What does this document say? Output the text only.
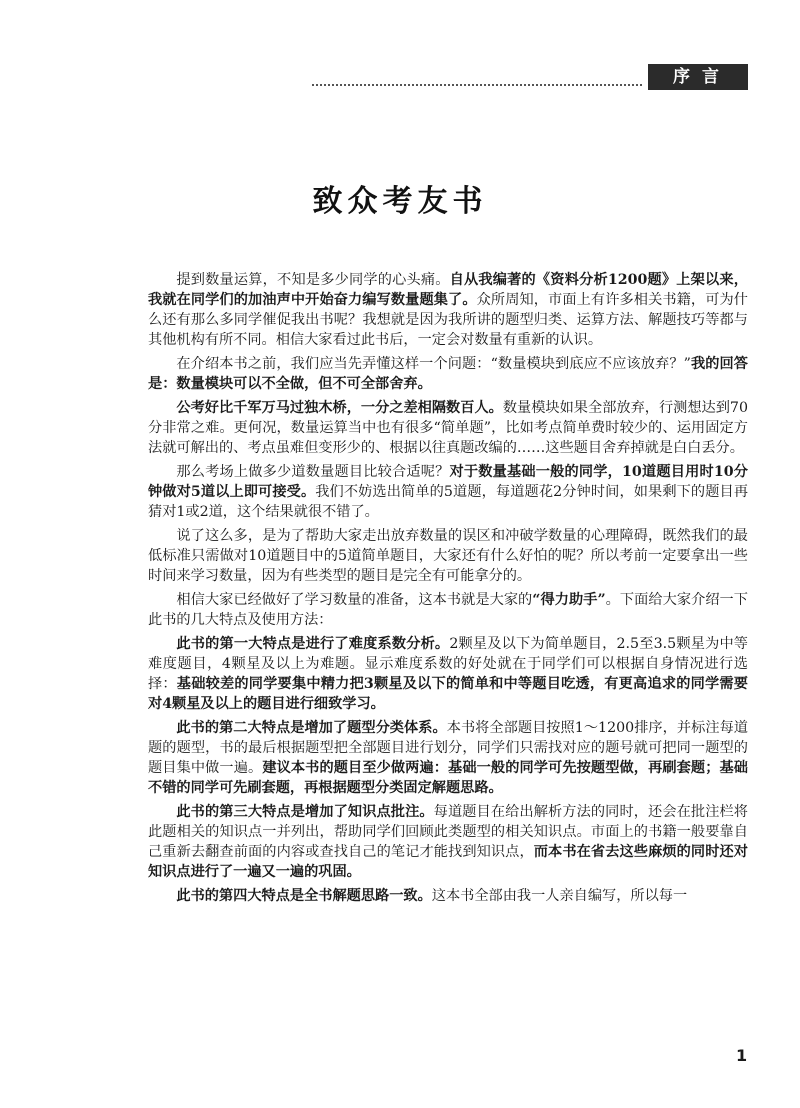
序言
致众考友书

提到数量运算，不知是多少同学的心头痛。自从我编著的《资料分析1200题》上架以来，我就在同学们的加油声中开始奋力编写数量题集了。众所周知，市面上有许多相关书籍，可为什么还有那么多同学催促我出书呢？我想就是因为我所讲的题型归类、运算方法、解题技巧等都与其他机构有所不同。相信大家看过此书后，一定会对数量有重新的认识。

在介绍本书之前，我们应当先弄懂这样一个问题：“数量模块到底应不应该放弃？”我的回答是：数量模块可以不全做，但不可全部舍弃。

公考好比千军万马过独木桥，一分之差相隔数百人。数量模块如果全部放弃，行测想达到70分非常之难。更何况，数量运算当中也有很多“简单题”，比如考点简单费时较少的、运用固定方法就可解出的、考点虽难但变形少的、根据以往真题改编的……这些题目舍弃掉就是白白丢分。

那么考场上做多少道数量题目比较合适呢？对于数量基础一般的同学，10道题目用时10分钟做对5道以上即可接受。我们不妨选出简单的5道题，每道题花2分钟时间，如果剩下的题目再猜对1或2道，这个结果就很不错了。

说了这么多，是为了帮助大家走出放弃数量的误区和冲破学数量的心理障碍，既然我们的最低标准只需做对10道题目中的5道简单题目，大家还有什么好怕的呢？所以考前一定要拿出一些时间来学习数量，因为有些类型的题目是完全有可能拿分的。

相信大家已经做好了学习数量的准备，这本书就是大家的“得力助手”。下面给大家介绍一下此书的几大特点及使用方法：

此书的第一大特点是进行了难度系数分析。2颗星及以下为简单题目，2.5至3.5颗星为中等难度题目，4颗星及以上为难题。显示难度系数的好处就在于同学们可以根据自身情况进行选择：基础较差的同学要集中精力把3颗星及以下的简单和中等题目吃透，有更高追求的同学需要对4颗星及以上的题目进行细致学习。

此书的第二大特点是增加了题型分类体系。本书将全部题目按照1～1200排序，并标注每道题的题型，书的最后根据题型把全部题目进行划分，同学们只需找对应的题号就可把同一题型的题目集中做一遍。建议本书的题目至少做两遍：基础一般的同学可先按题型做，再刷套题；基础不错的同学可先刷套题，再根据题型分类固定解题思路。

此书的第三大特点是增加了知识点批注。每道题目在给出解析方法的同时，还会在批注栏将此题相关的知识点一并列出，帮助同学们回顾此类题型的相关知识点。市面上的书籍一般要靠自己重新去翻查前面的内容或查找自己的笔记才能找到知识点，而本书在省去这些麻烦的同时还对知识点进行了一遍又一遍的巩固。

此书的第四大特点是全书解题思路一致。这本书全部由我一人亲自编写，所以每一

1
